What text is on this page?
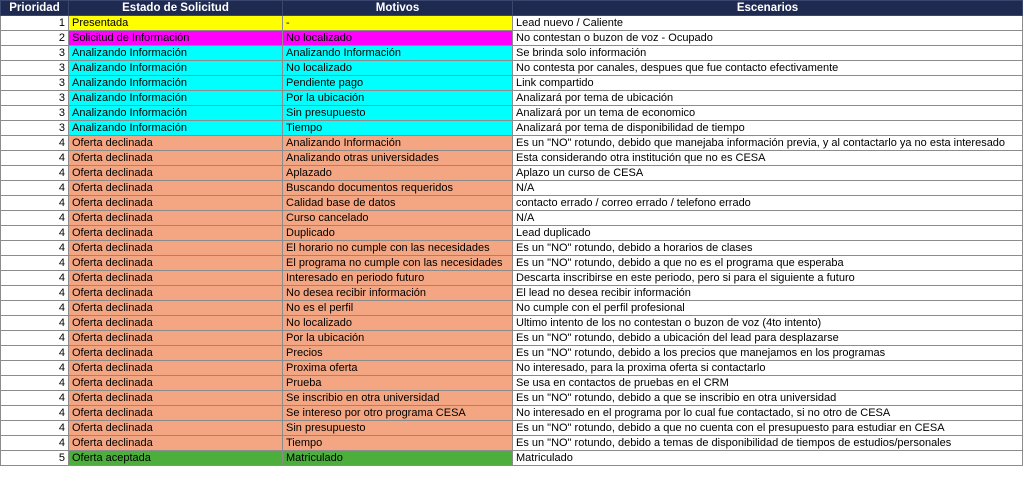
Prioridad	Estado de Solicitud	Motivos	Escenarios
1	Presentada	-	Lead nuevo / Caliente
2	Solicitud de Información	No localizado	No contestan o buzon de voz - Ocupado
3	Analizando Información	Analizando Información	Se brinda solo información
3	Analizando Información	No localizado	No contesta por canales, despues que fue contacto efectivamente
3	Analizando Información	Pendiente pago	Link compartido
3	Analizando Información	Por la ubicación	Analizará por tema de ubicación
3	Analizando Información	Sin presupuesto	Analizará por un tema de economico
3	Analizando Información	Tiempo	Analizará por tema de disponibilidad de tiempo
4	Oferta declinada	Analizando Información	Es un "NO" rotundo, debido que manejaba información previa, y al contactarlo ya no esta interesado
4	Oferta declinada	Analizando otras universidades	Esta considerando otra institución que no es CESA
4	Oferta declinada	Aplazado	Aplazo un curso de CESA
4	Oferta declinada	Buscando documentos requeridos	N/A
4	Oferta declinada	Calidad base de datos	contacto errado / correo errado / telefono errado
4	Oferta declinada	Curso cancelado	N/A
4	Oferta declinada	Duplicado	Lead duplicado
4	Oferta declinada	El horario no cumple con las necesidades	Es un "NO" rotundo, debido a horarios de clases
4	Oferta declinada	El programa no cumple con las necesidades	Es un "NO" rotundo, debido a que no es el programa que esperaba
4	Oferta declinada	Interesado en periodo futuro	Descarta inscribirse en este periodo, pero si para el siguiente a futuro
4	Oferta declinada	No desea recibir información	El lead no desea recibir información
4	Oferta declinada	No es el perfil	No cumple con el perfil profesional
4	Oferta declinada	No localizado	Ultimo intento de los no contestan o buzon de voz (4to intento)
4	Oferta declinada	Por la ubicación	Es un "NO" rotundo, debido a ubicación del lead para desplazarse
4	Oferta declinada	Precios	Es un "NO" rotundo, debido a los precios que manejamos en los programas
4	Oferta declinada	Proxima oferta	No interesado, para la proxima oferta si contactarlo
4	Oferta declinada	Prueba	Se usa en contactos de pruebas en el CRM
4	Oferta declinada	Se inscribio en otra universidad	Es un "NO" rotundo, debido a que se inscribio en otra universidad
4	Oferta declinada	Se intereso por otro programa CESA	No interesado en el programa por lo cual fue contactado, si no otro de CESA
4	Oferta declinada	Sin presupuesto	Es un "NO" rotundo, debido a que no cuenta con el presupuesto para estudiar en CESA
4	Oferta declinada	Tiempo	Es un "NO" rotundo, debido a temas de disponibilidad de tiempos de estudios/personales
5	Oferta aceptada	Matriculado	Matriculado
